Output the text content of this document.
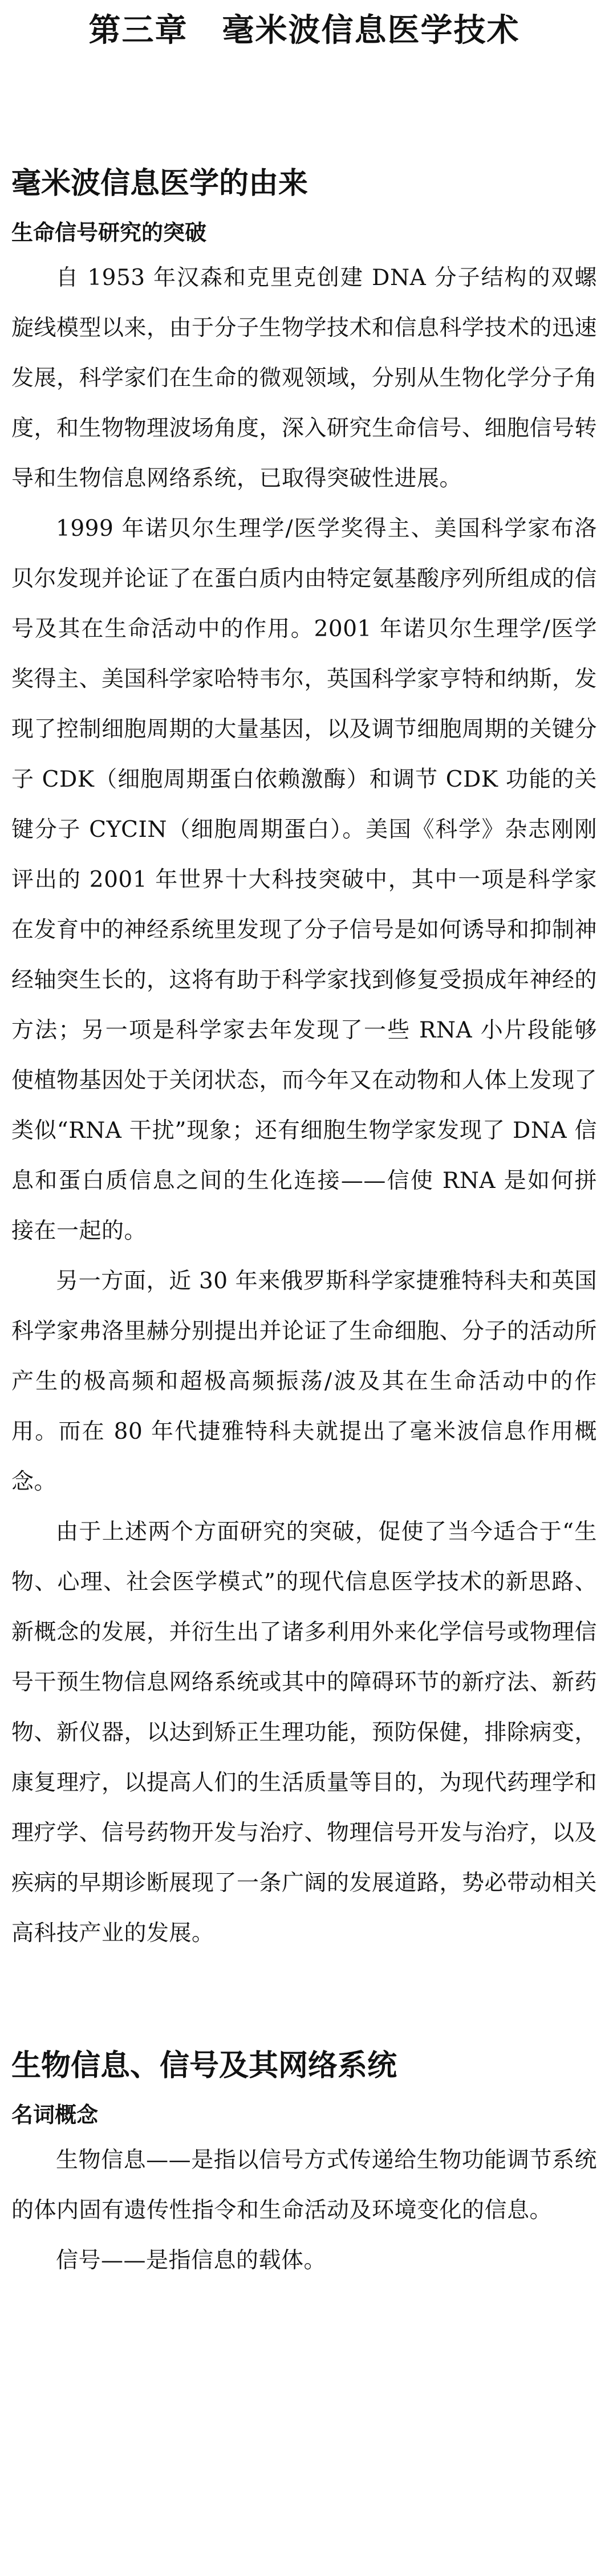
第三章 毫米波信息医学技术
毫米波信息医学的由来
生命信号研究的突破

自 1953 年汉森和克里克创建 DNA 分子结构的双螺旋线模型以来，由于分子生物学技术和信息科学技术的迅速发展，科学家们在生命的微观领域，分别从生物化学分子角度，和生物物理波场角度，深入研究生命信号、细胞信号转导和生物信息网络系统，已取得突破性进展。

1999 年诺贝尔生理学/医学奖得主、美国科学家布洛贝尔发现并论证了在蛋白质内由特定氨基酸序列所组成的信号及其在生命活动中的作用。2001 年诺贝尔生理学/医学奖得主、美国科学家哈特韦尔，英国科学家亨特和纳斯，发现了控制细胞周期的大量基因，以及调节细胞周期的关键分子 CDK（细胞周期蛋白依赖激酶）和调节 CDK 功能的关键分子 CYCIN（细胞周期蛋白）。美国《科学》杂志刚刚评出的 2001 年世界十大科技突破中，其中一项是科学家在发育中的神经系统里发现了分子信号是如何诱导和抑制神经轴突生长的，这将有助于科学家找到修复受损成年神经的方法；另一项是科学家去年发现了一些 RNA 小片段能够使植物基因处于关闭状态，而今年又在动物和人体上发现了类似“RNA 干扰”现象；还有细胞生物学家发现了 DNA 信息和蛋白质信息之间的生化连接——信使 RNA 是如何拼接在一起的。

另一方面，近 30 年来俄罗斯科学家捷雅特科夫和英国科学家弗洛里赫分别提出并论证了生命细胞、分子的活动所产生的极高频和超极高频振荡/波及其在生命活动中的作用。而在 80 年代捷雅特科夫就提出了毫米波信息作用概念。

由于上述两个方面研究的突破，促使了当今适合于“生物、心理、社会医学模式”的现代信息医学技术的新思路、新概念的发展，并衍生出了诸多利用外来化学信号或物理信号干预生物信息网络系统或其中的障碍环节的新疗法、新药物、新仪器，以达到矫正生理功能，预防保健，排除病变，康复理疗，以提高人们的生活质量等目的，为现代药理学和理疗学、信号药物开发与治疗、物理信号开发与治疗，以及疾病的早期诊断展现了一条广阔的发展道路，势必带动相关高科技产业的发展。

生物信息、信号及其网络系统
名词概念

生物信息——是指以信号方式传递给生物功能调节系统的体内固有遗传性指令和生命活动及环境变化的信息。

信号——是指信息的载体。
